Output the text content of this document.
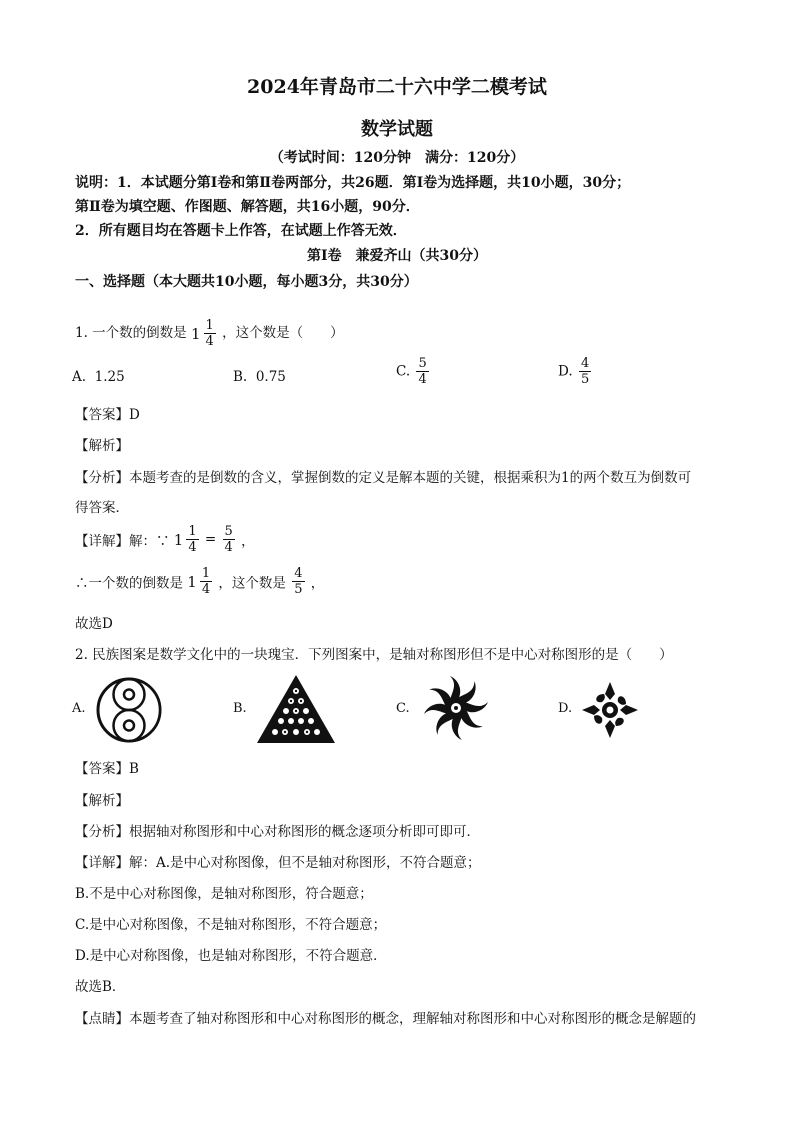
2024年青岛市二十六中学二模考试
数学试题
（考试时间：120分钟　满分：120分）
说明：1．本试题分第Ⅰ卷和第Ⅱ卷两部分，共26题．第Ⅰ卷为选择题，共10小题，30分；
第Ⅱ卷为填空题、作图题、解答题，共16小题，90分．
2．所有题目均在答题卡上作答，在试题上作答无效．
第Ⅰ卷　兼爱齐山（共30分）
一、选择题（本大题共10小题，每小题3分，共30分）
1. 一个数的倒数是 $1 \frac{1}{4}$ ，这个数是（　　）
A. 1.25	B. 0.75	C. $\frac{5}{4}$	D. $\frac{4}{5}$
【答案】D
【解析】
【分析】本题考查的是倒数的含义，掌握倒数的定义是解本题的关键，根据乘积为1的两个数互为倒数可
得答案．
【详解】解：∵ $1 \frac{1}{4} = \frac{5}{4}$ ，
∴一个数的倒数是 $1 \frac{1}{4}$ ，这个数是 $\frac{4}{5}$ ，
故选D
2. 民族图案是数学文化中的一块瑰宝．下列图案中，是轴对称图形但不是中心对称图形的是（　　）
A.	B.	C.	D.
【答案】B
【解析】
【分析】根据轴对称图形和中心对称图形的概念逐项分析即可即可．
【详解】解：A.是中心对称图像，但不是轴对称图形，不符合题意；
B.不是中心对称图像，是轴对称图形，符合题意；
C.是中心对称图像，不是轴对称图形，不符合题意；
D.是中心对称图像，也是轴对称图形，不符合题意．
故选B．
【点睛】本题考查了轴对称图形和中心对称图形的概念，理解轴对称图形和中心对称图形的概念是解题的
